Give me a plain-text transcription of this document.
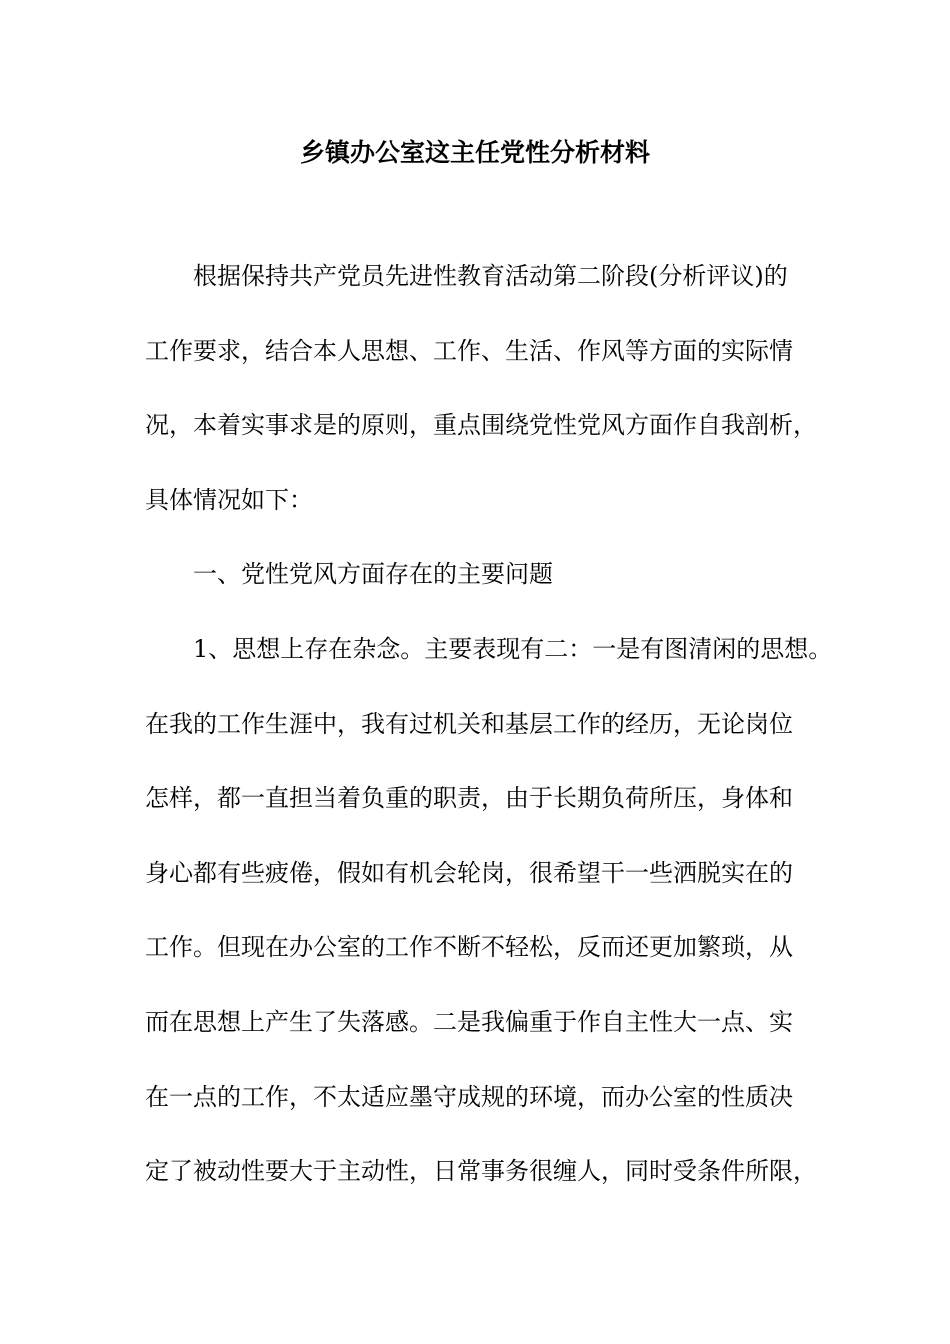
乡镇办公室这主任党性分析材料

根据保持共产党员先进性教育活动第二阶段(分析评议)的

工作要求，结合本人思想、工作、生活、作风等方面的实际情

况，本着实事求是的原则，重点围绕党性党风方面作自我剖析，

具体情况如下：

一、党性党风方面存在的主要问题

1、思想上存在杂念。主要表现有二：一是有图清闲的思想。

在我的工作生涯中，我有过机关和基层工作的经历，无论岗位

怎样，都一直担当着负重的职责，由于长期负荷所压，身体和

身心都有些疲倦，假如有机会轮岗，很希望干一些洒脱实在的

工作。但现在办公室的工作不断不轻松，反而还更加繁琐，从

而在思想上产生了失落感。二是我偏重于作自主性大一点、实

在一点的工作，不太适应墨守成规的环境，而办公室的性质决

定了被动性要大于主动性，日常事务很缠人，同时受条件所限，
